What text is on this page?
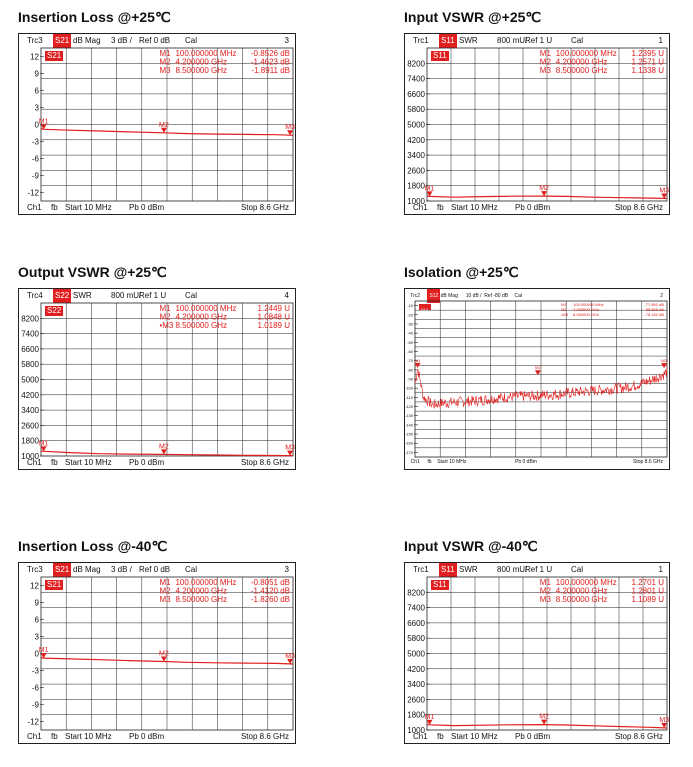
Insertion Loss @+25℃
Trc3 S21 dB Mag 3 dB / Ref 0 dB Cal	3
Ch1 fb Start 10 MHz Pb 0 dBm	Stop 8.6 GHz
12
9
6
3
0
-3
-6
-9
-12
S21
M1
M1 100.000000 MHz -0.8526 dB
M2
M2 4.200000 GHz	-1.4623 dB
M3
M3 8.500000 GHz	-1.8911 dB
Input VSWR @+25℃
Trc1 S11 SWR 800 mU/
Ref 1 U Cal	1
Ch1 fb Start 10 MHz Pb 0 dBm	Stop 8.6 GHz
8200
7400
6600
5800
5000
4200
3400
2600
1800
1000
S11
M1
M1 100.000000 MHz 1.2395 U
M2
M2 4.200000 GHz	1.2571 U
M3
M3 8.500000 GHz	1.1338 U
Output VSWR @+25℃
Trc4 S22 SWR 800 mU/
Ref 1 U Cal	4
Ch1 fb Start 10 MHz Pb 0 dBm	Stop 8.6 GHz
8200
7400
6600
5800
5000
4200
3400
2600
1800
1000
S22
M1
M1 100.000000 MHz	1.2449 U
M2
M2 4.200000 GHz	1.0848 U
M3
•M3 8.500000 GHz	1.0189 U
Isolation @+25℃
Trc2	S12 dB Mag 10 dB / Ref -80 dB Cal	2
Ch1 fb Start 10 MHz	Pb 0 dBm	Stop 8.6 GHz
-10
-20
-30
-40
-50
-60
-70
-80
-90
-100
-110
-120
-130
-140
-150
-160
-170
S12
M1
M1 100.000000 MHz	-77.892 dB
M2
M2 4.200000 GHz	-85.895 dB
M3
•M3 8.500000 GHz	-78.182 dB
Insertion Loss @-40℃
Trc3 S21 dB Mag 3 dB / Ref 0 dB Cal	3
Ch1 fb Start 10 MHz Pb 0 dBm	Stop 8.6 GHz
12
9
6
3
0
-3
-6
-9
-12
S21
M1
M1 100.000000 MHz -0.8051 dB
M2
M2 4.200000 GHz	-1.4120 dB
M3
M3 8.500000 GHz	-1.8260 dB
Input VSWR @-40℃
Trc1 S11 SWR 800 mU/
Ref 1 U Cal	1
Ch1 fb Start 10 MHz Pb 0 dBm	Stop 8.6 GHz
8200
7400
6600
5800
5000
4200
3400
2600
1800
1000
S11
M1
M1 100.000000 MHz 1.2701 U
M2
M2 4.200000 GHz	1.2801 U
M3
M3 8.500000 GHz	1.1089 U
